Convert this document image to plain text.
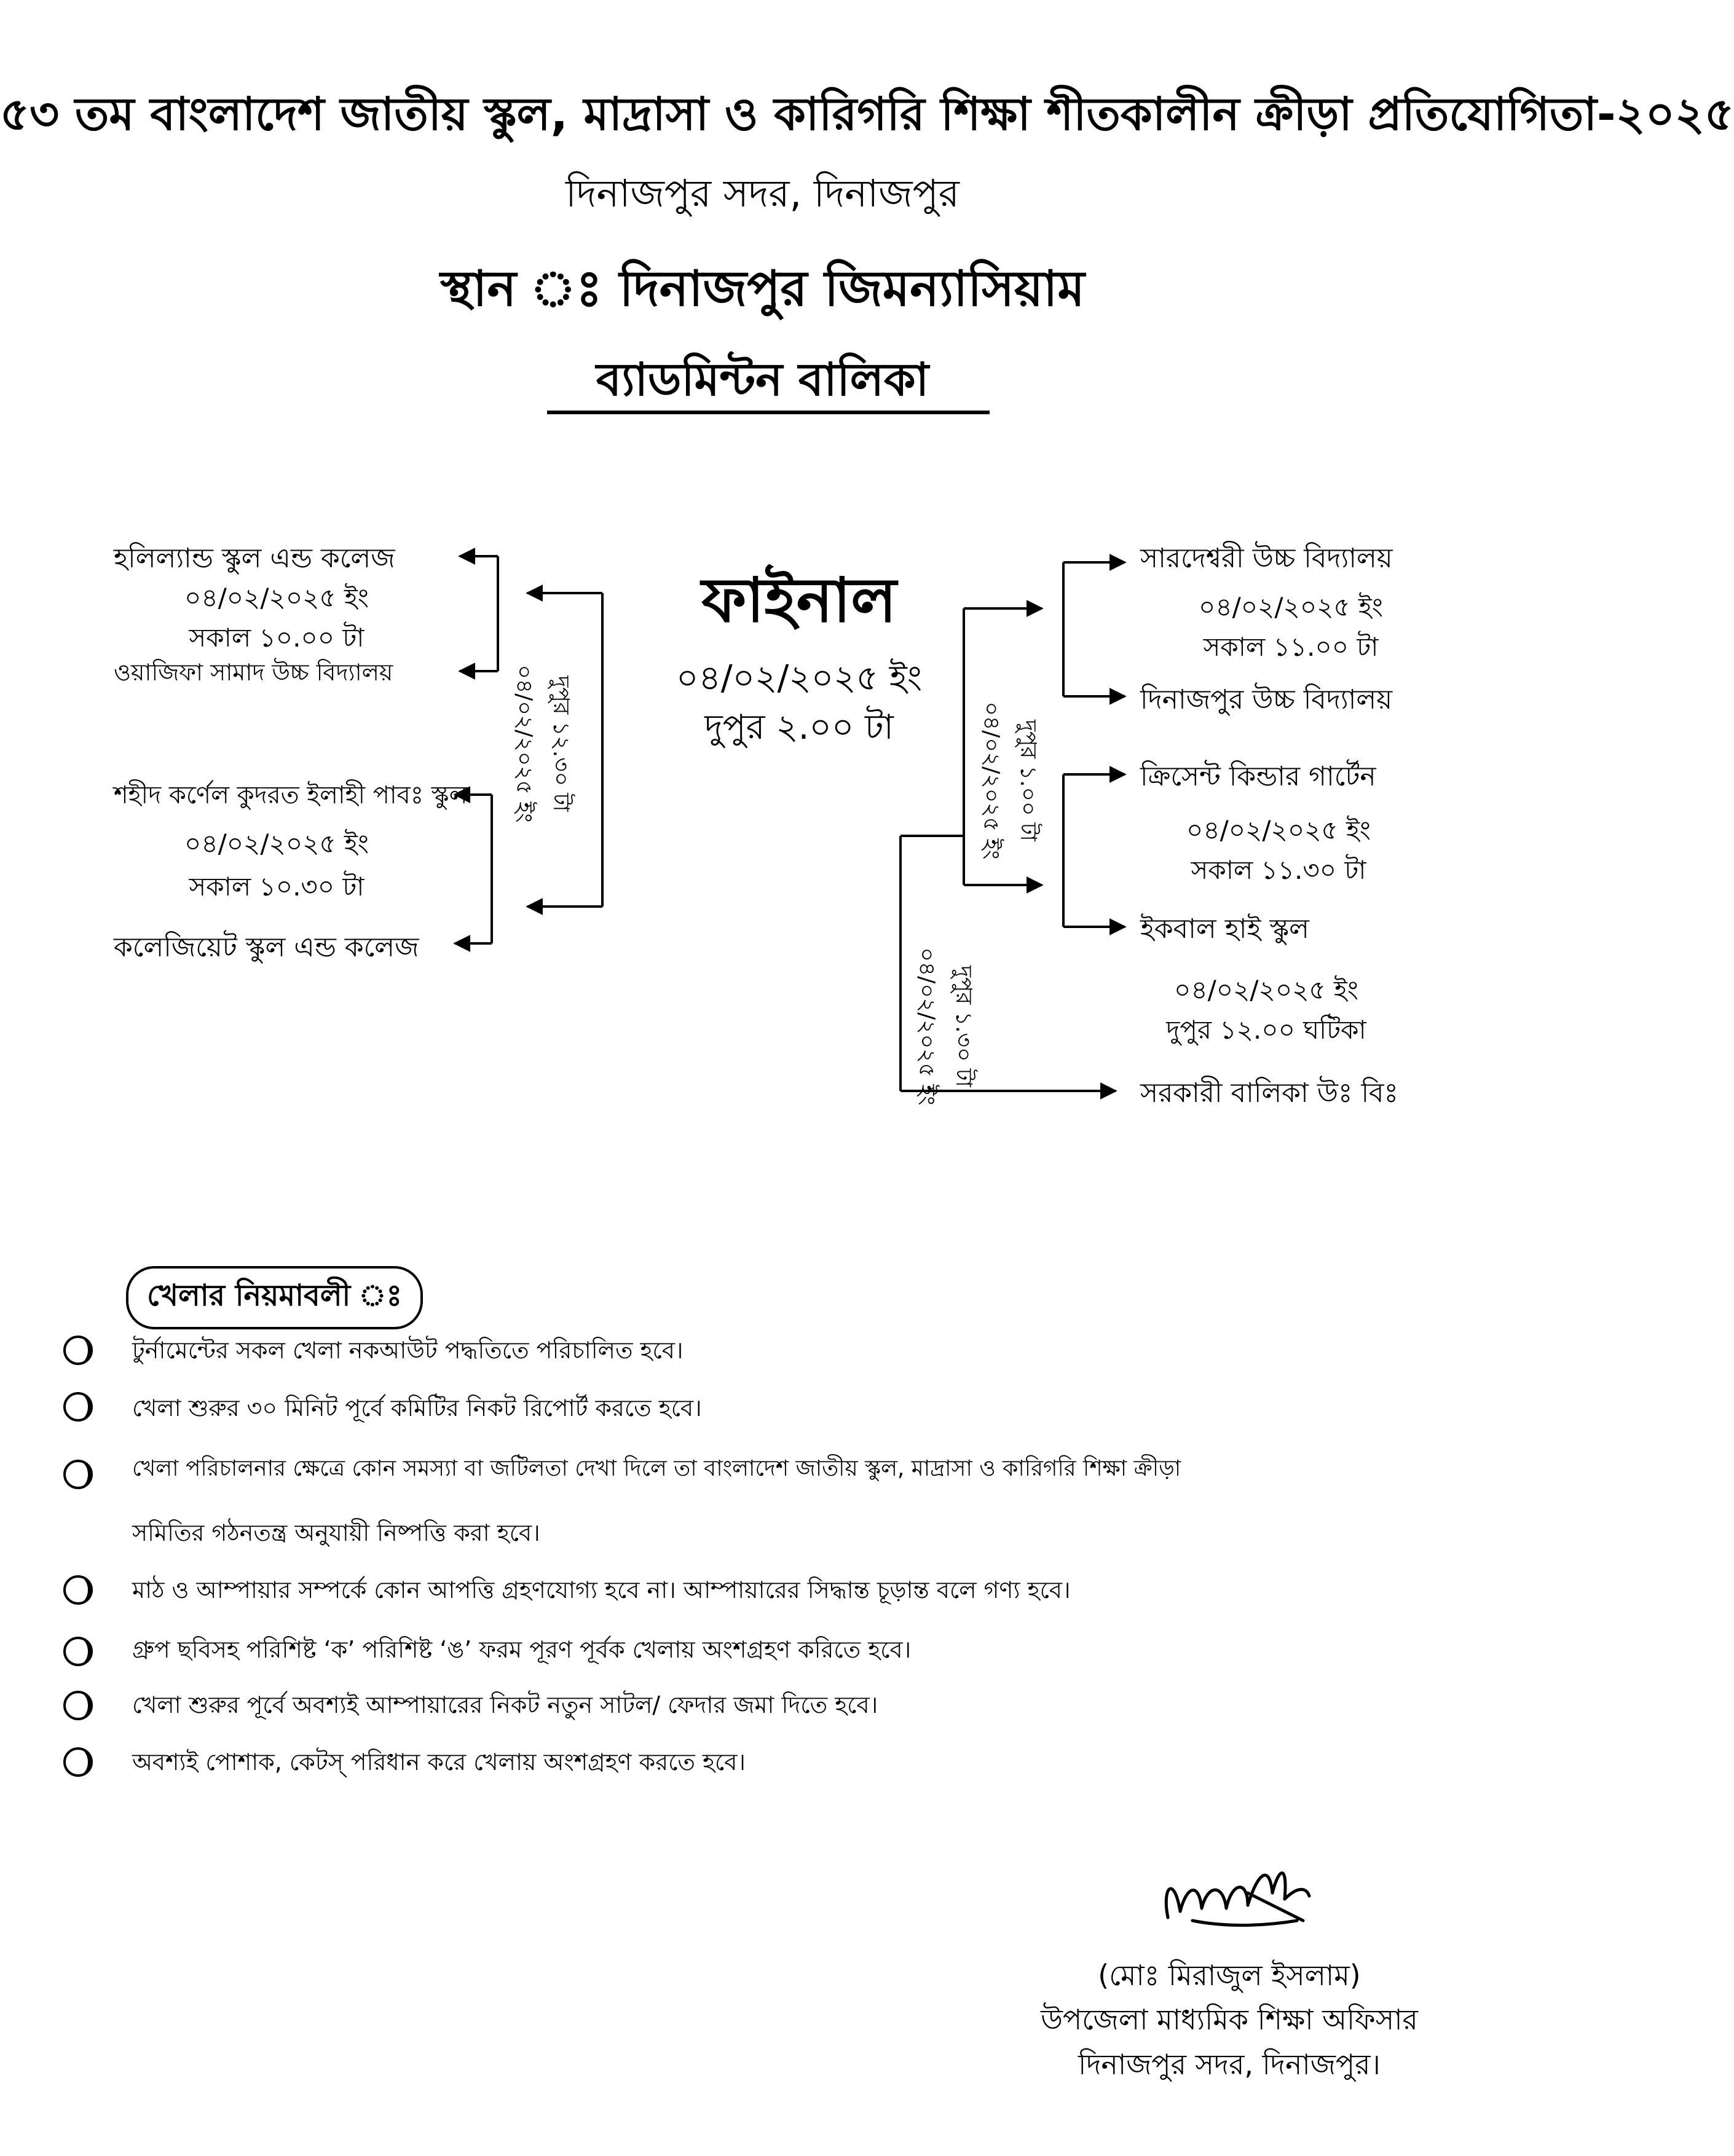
৫৩ তম বাংলাদেশ জাতীয় স্কুল, মাদ্রাসা ও কারিগরি শিক্ষা শীতকালীন ক্রীড়া প্রতিযোগিতা-২০২৫
দিনাজপুর সদর, দিনাজপুর
স্থান ঃ দিনাজপুর জিমন্যাসিয়াম
ব্যাডমিন্টন বালিকা
ফাইনাল
০৪/০২/২০২৫ ইং
দুপুর ২.০০ টা
হলিল্যান্ড স্কুল এন্ড কলেজ
০৪/০২/২০২৫ ইং
সকাল ১০.০০ টা
ওয়াজিফা সামাদ উচ্চ বিদ্যালয়
শহীদ কর্ণেল কুদরত ইলাহী পাবঃ স্কুল
০৪/০২/২০২৫ ইং
সকাল ১০.৩০ টা
কলেজিয়েট স্কুল এন্ড কলেজ
০৪/০২/২০২৫ ইং দুপুর ১২.৩০ টা
সারদেশ্বরী উচ্চ বিদ্যালয়
০৪/০২/২০২৫ ইং
সকাল ১১.০০ টা
দিনাজপুর উচ্চ বিদ্যালয়
ক্রিসেন্ট কিন্ডার গার্টেন
০৪/০২/২০২৫ ইং
সকাল ১১.৩০ টা
ইকবাল হাই স্কুল
০৪/০২/২০২৫ ইং
দুপুর ১২.০০ ঘটিকা
সরকারী বালিকা উঃ বিঃ
০৪/০২/২০২৫ ইং দুপুর ১.০০ টা
০৪/০২/২০২৫ ইং দুপুর ১.৩০ টা
খেলার নিয়মাবলী ঃ
টুর্নামেন্টের সকল খেলা নকআউট পদ্ধতিতে পরিচালিত হবে।
খেলা শুরুর ৩০ মিনিট পূর্বে কমিটির নিকট রিপোর্ট করতে হবে।
খেলা পরিচালনার ক্ষেত্রে কোন সমস্যা বা জটিলতা দেখা দিলে তা বাংলাদেশ জাতীয় স্কুল, মাদ্রাসা ও কারিগরি শিক্ষা ক্রীড়া
সমিতির গঠনতন্ত্র অনুযায়ী নিষ্পত্তি করা হবে।
মাঠ ও আম্পায়ার সম্পর্কে কোন আপত্তি গ্রহণযোগ্য হবে না। আম্পায়ারের সিদ্ধান্ত চূড়ান্ত বলে গণ্য হবে।
গ্রুপ ছবিসহ পরিশিষ্ট ‘ক’ পরিশিষ্ট ‘ঙ’ ফরম পূরণ পূর্বক খেলায় অংশগ্রহণ করিতে হবে।
খেলা শুরুর পূর্বে অবশ্যই আম্পায়ারের নিকট নতুন সাটল/ ফেদার জমা দিতে হবে।
অবশ্যই পোশাক, কেটস্ পরিধান করে খেলায় অংশগ্রহণ করতে হবে।
(মোঃ মিরাজুল ইসলাম)
উপজেলা মাধ্যমিক শিক্ষা অফিসার
দিনাজপুর সদর, দিনাজপুর।
